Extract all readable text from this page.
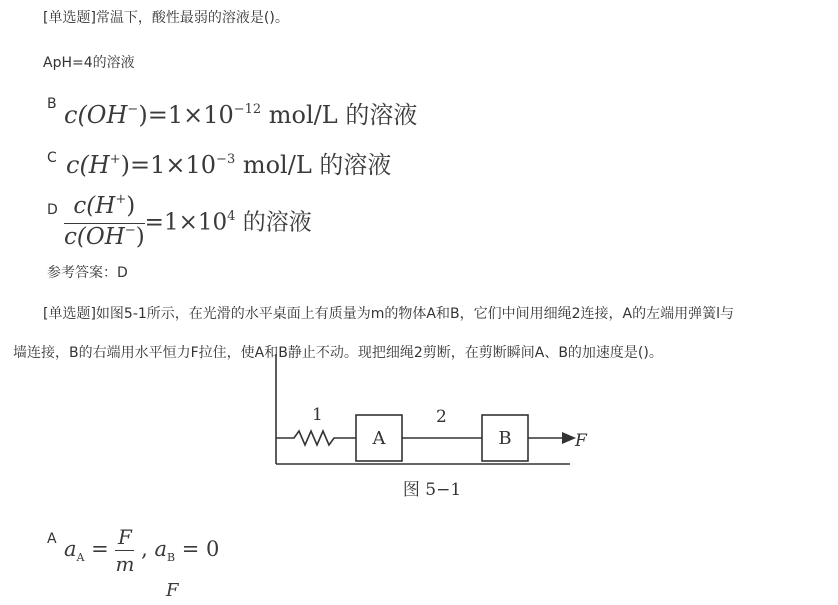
[单选题]常温下，酸性最弱的溶液是()。
ApH=4的溶液
B $c(OH^-)=1\times 10^{-12}$ mol/L 的溶液
C $c(H^+)=1\times 10^{-3}$ mol/L 的溶液
D $\frac{c(H^+)}{c(OH^-)} =1\times 10^4$ 的溶液
参考答案：D
[单选题]如图5-1所示，在光滑的水平桌面上有质量为m的物体A和B，它们中间用细绳2连接，A的左端用弹簧l与
墙连接，B的右端用水平恒力F拉住，使A和B静止不动。现把细绳2剪断，在剪断瞬间A、B的加速度是()。
1	2
A	B	F
图 5−1
A $a_A = \frac{F}{m}$ , $a_B = 0$
F
